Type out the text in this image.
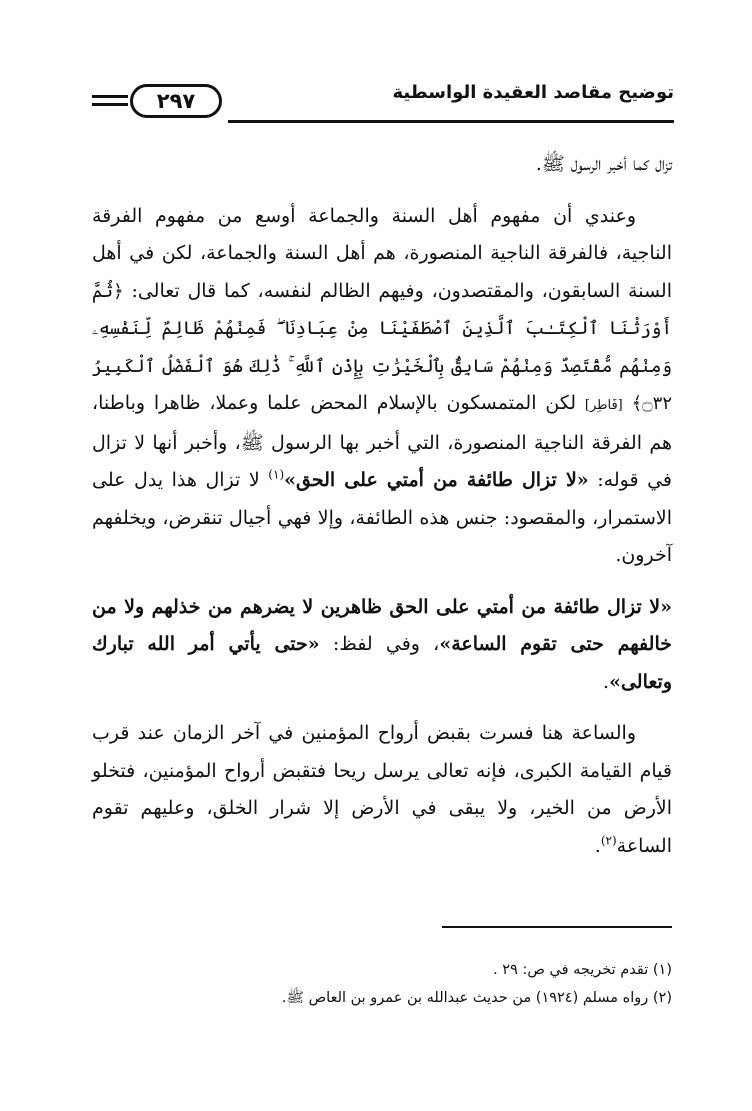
٢٩٧	توضيح مقاصد العقيدة الواسطية

تزال كما أخبر الرسول ﷺ.

وعندي أن مفهوم أهل السنة والجماعة أوسع من مفهوم الفرقة الناجية، فالفرقة الناجية المنصورة، هم أهل السنة والجماعة، لكن في أهل السنة السابقون، والمقتصدون، وفيهم الظالم لنفسه، كما قال تعالى: ﴿ثُمَّ أَوْرَثْنَا ٱلْكِتَـٰبَ ٱلَّذِينَ ٱصْطَفَيْنَا مِنْ عِبَادِنَا ۖ فَمِنْهُمْ ظَالِمٌ لِّنَفْسِهِۦ وَمِنْهُم مُّقْتَصِدٌ وَمِنْهُمْ سَابِقٌۢ بِٱلْخَيْرَٰتِ بِإِذْنِ ٱللَّهِ ۚ ذَٰلِكَ هُوَ ٱلْفَضْلُ ٱلْكَبِيرُ ۝٣٢﴾ [فَاطِر] لكن المتمسكون بالإسلام المحض علما وعملا، ظاهرا وباطنا، هم الفرقة الناجية المنصورة، التي أخبر بها الرسول ﷺ، وأخبر أنها لا تزال في قوله: «لا تزال طائفة من أمتي على الحق»$^{(١)}$ لا تزال هذا يدل على الاستمرار، والمقصود: جنس هذه الطائفة، وإلا فهي أجيال تنقرض، ويخلفهم آخرون.

«لا تزال طائفة من أمتي على الحق ظاهرين لا يضرهم من خذلهم ولا من خالفهم حتى تقوم الساعة»، وفي لفظ: «حتى يأتي أمر الله تبارك وتعالى».

والساعة هنا فسرت بقبض أرواح المؤمنين في آخر الزمان عند قرب قيام القيامة الكبرى، فإنه تعالى يرسل ريحا فتقبض أرواح المؤمنين، فتخلو الأرض من الخير، ولا يبقى في الأرض إلا شرار الخلق، وعليهم تقوم الساعة$^{(٢)}$.

(١) تقدم تخريجه في ص: ٢٩ .

(٢) رواه مسلم (١٩٢٤) من حديث عبدالله بن عمرو بن العاص ﷺ.
